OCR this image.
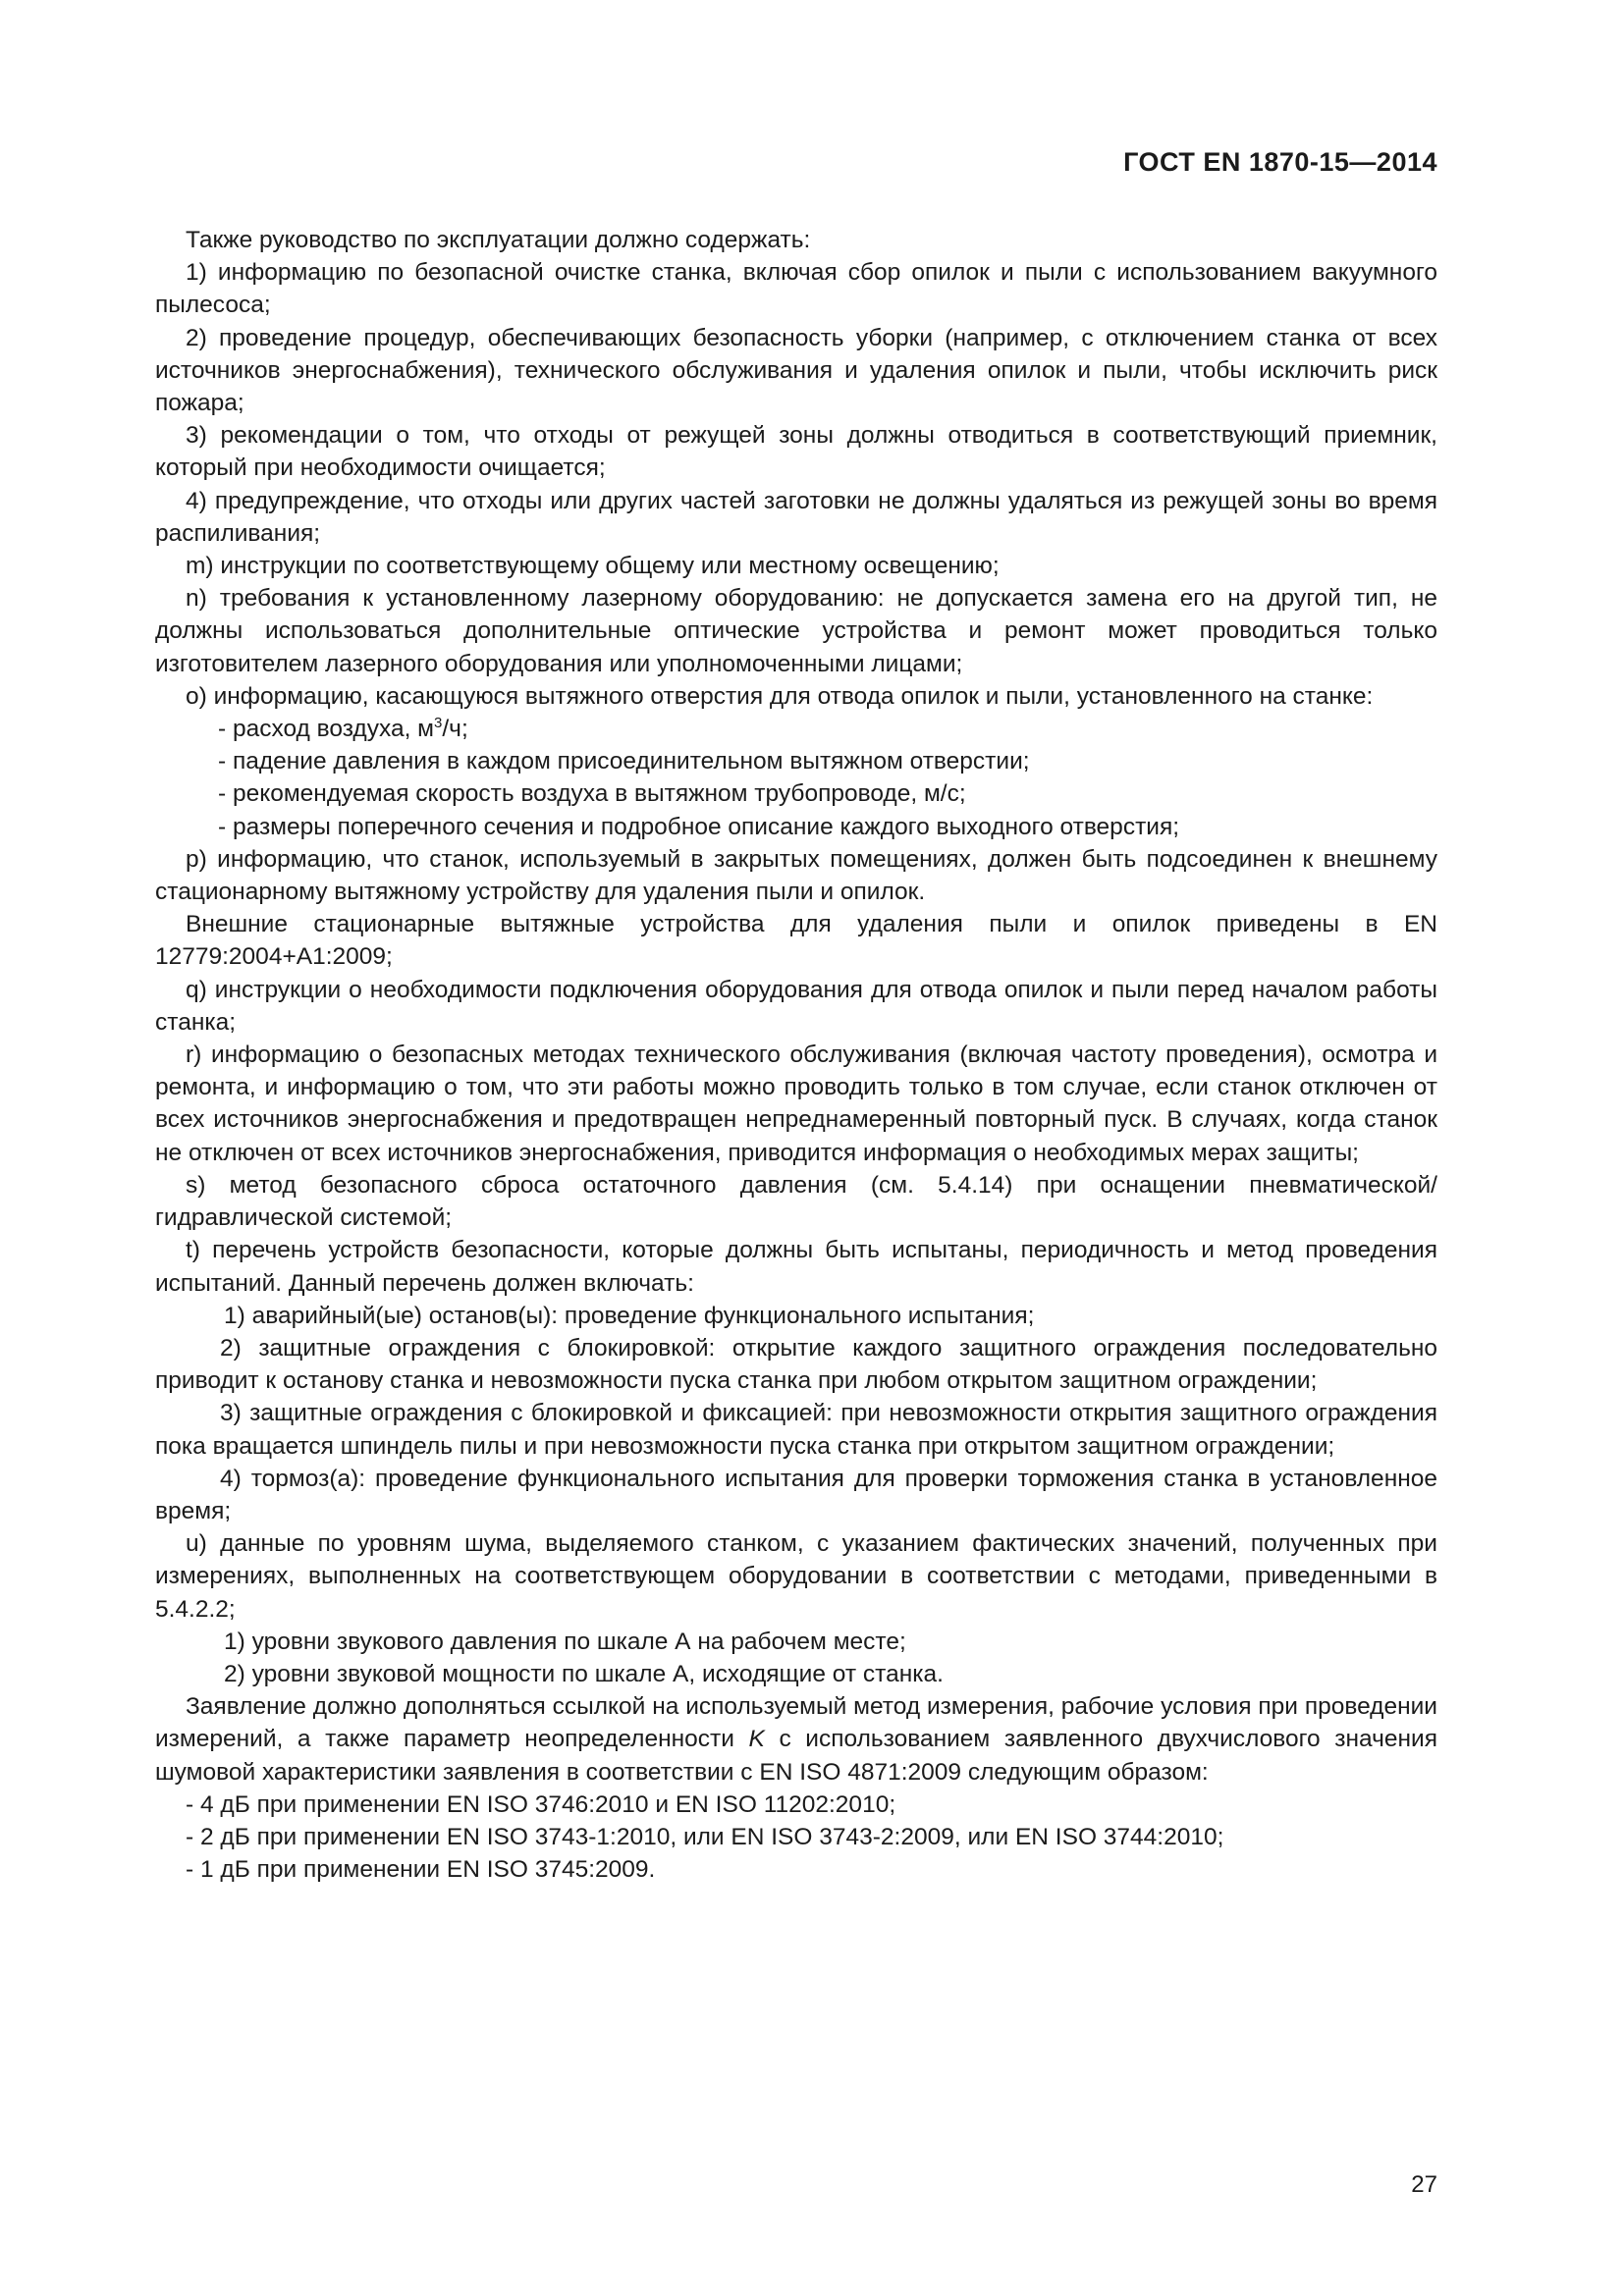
ГОСТ EN 1870-15—2014

Также руководство по эксплуатации должно содержать:

1) информацию по безопасной очистке станка, включая сбор опилок и пыли с использованием вакуумного пылесоса;

2) проведение процедур, обеспечивающих безопасность уборки (например, с отключением станка от всех источников энергоснабжения), технического обслуживания и удаления опилок и пыли, чтобы исключить риск пожара;

3) рекомендации о том, что отходы от режущей зоны должны отводиться в соответствующий приемник, который при необходимости очищается;

4) предупреждение, что отходы или других частей заготовки не должны удаляться из режущей зоны во время распиливания;

m) инструкции по соответствующему общему или местному освещению;

n) требования к установленному лазерному оборудованию: не допускается замена его на другой тип, не должны использоваться дополнительные оптические устройства и ремонт может проводиться только изготовителем лазерного оборудования или уполномоченными лицами;

o) информацию, касающуюся вытяжного отверстия для отвода опилок и пыли, установленного на станке:

- расход воздуха, $м^3/ч$;

- падение давления в каждом присоединительном вытяжном отверстии;

- рекомендуемая скорость воздуха в вытяжном трубопроводе, м/с;

- размеры поперечного сечения и подробное описание каждого выходного отверстия;

p) информацию, что станок, используемый в закрытых помещениях, должен быть подсоединен к внешнему стационарному вытяжному устройству для удаления пыли и опилок.

Внешние стационарные вытяжные устройства для удаления пыли и опилок приведены в EN 12779:2004+A1:2009;

q) инструкции о необходимости подключения оборудования для отвода опилок и пыли перед началом работы станка;

r) информацию о безопасных методах технического обслуживания (включая частоту проведения), осмотра и ремонта, и информацию о том, что эти работы можно проводить только в том случае, если станок отключен от всех источников энергоснабжения и предотвращен непреднамеренный повторный пуск. В случаях, когда станок не отключен от всех источников энергоснабжения, приводится информация о необходимых мерах защиты;

s) метод безопасного сброса остаточного давления (см. 5.4.14) при оснащении пневматической/гидравлической системой;

t) перечень устройств безопасности, которые должны быть испытаны, периодичность и метод проведения испытаний. Данный перечень должен включать:

1) аварийный(ые) останов(ы): проведение функционального испытания;

2) защитные ограждения с блокировкой: открытие каждого защитного ограждения последовательно приводит к останову станка и невозможности пуска станка при любом открытом защитном ограждении;

3) защитные ограждения с блокировкой и фиксацией: при невозможности открытия защитного ограждения пока вращается шпиндель пилы и при невозможности пуска станка при открытом защитном ограждении;

4) тормоз(а): проведение функционального испытания для проверки торможения станка в установленное время;

u) данные по уровням шума, выделяемого станком, с указанием фактических значений, полученных при измерениях, выполненных на соответствующем оборудовании в соответствии с методами, приведенными в 5.4.2.2;

1) уровни звукового давления по шкале А на рабочем месте;

2) уровни звуковой мощности по шкале А, исходящие от станка.

Заявление должно дополняться ссылкой на используемый метод измерения, рабочие условия при проведении измерений, а также параметр неопределенности K с использованием заявленного двухчислового значения шумовой характеристики заявления в соответствии с EN ISO 4871:2009 следующим образом:

- 4 дБ при применении EN ISO 3746:2010 и EN ISO 11202:2010;

- 2 дБ при применении EN ISO 3743-1:2010, или EN ISO 3743-2:2009, или EN ISO 3744:2010;

- 1 дБ при применении EN ISO 3745:2009.

27
